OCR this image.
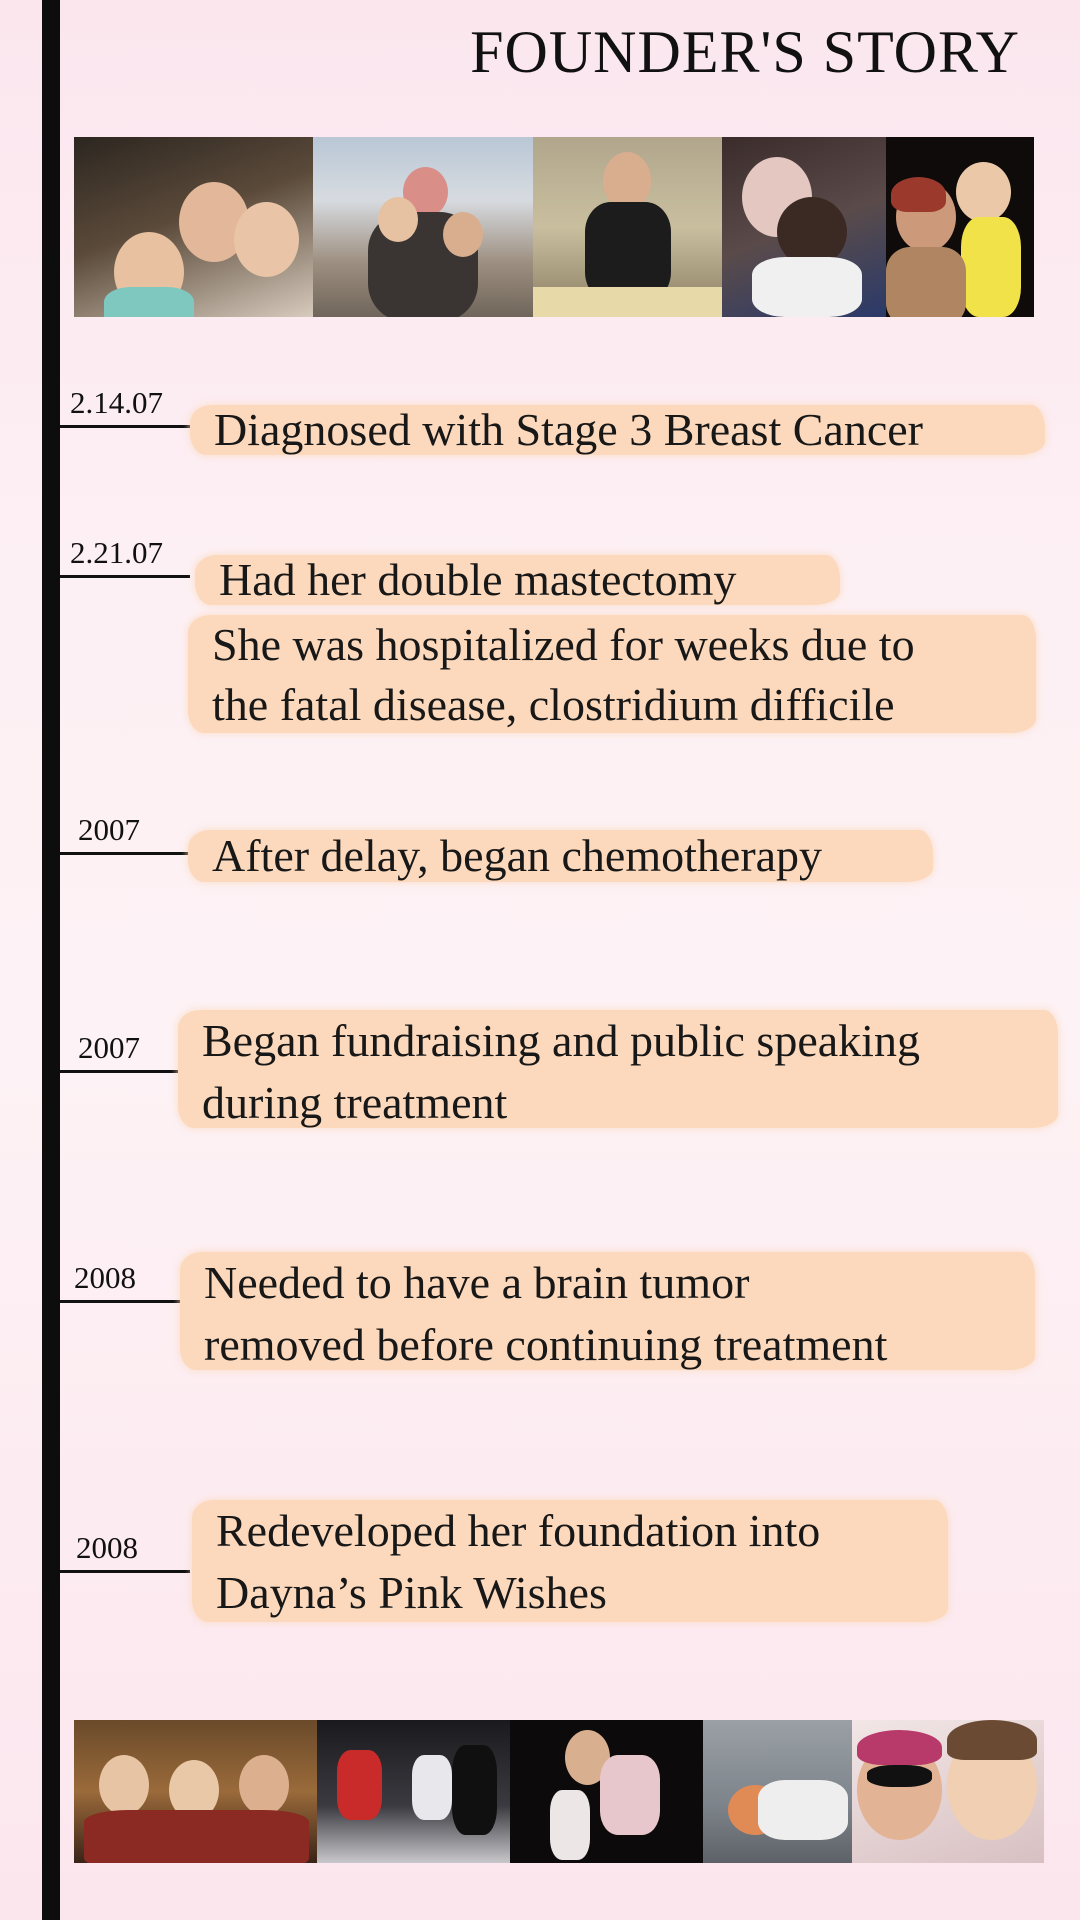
FOUNDER'S STORY
2.14.07
Diagnosed with Stage 3 Breast Cancer
2.21.07
Had her double mastectomy
She was hospitalized for weeks due to
the fatal disease, clostridium difficile
2007
After delay, began chemotherapy
2007 Began fundraising and public speaking
during treatment
2008 Needed to have a brain tumor
removed before continuing treatment
2008 Redeveloped her foundation into
Dayna’s Pink Wishes
